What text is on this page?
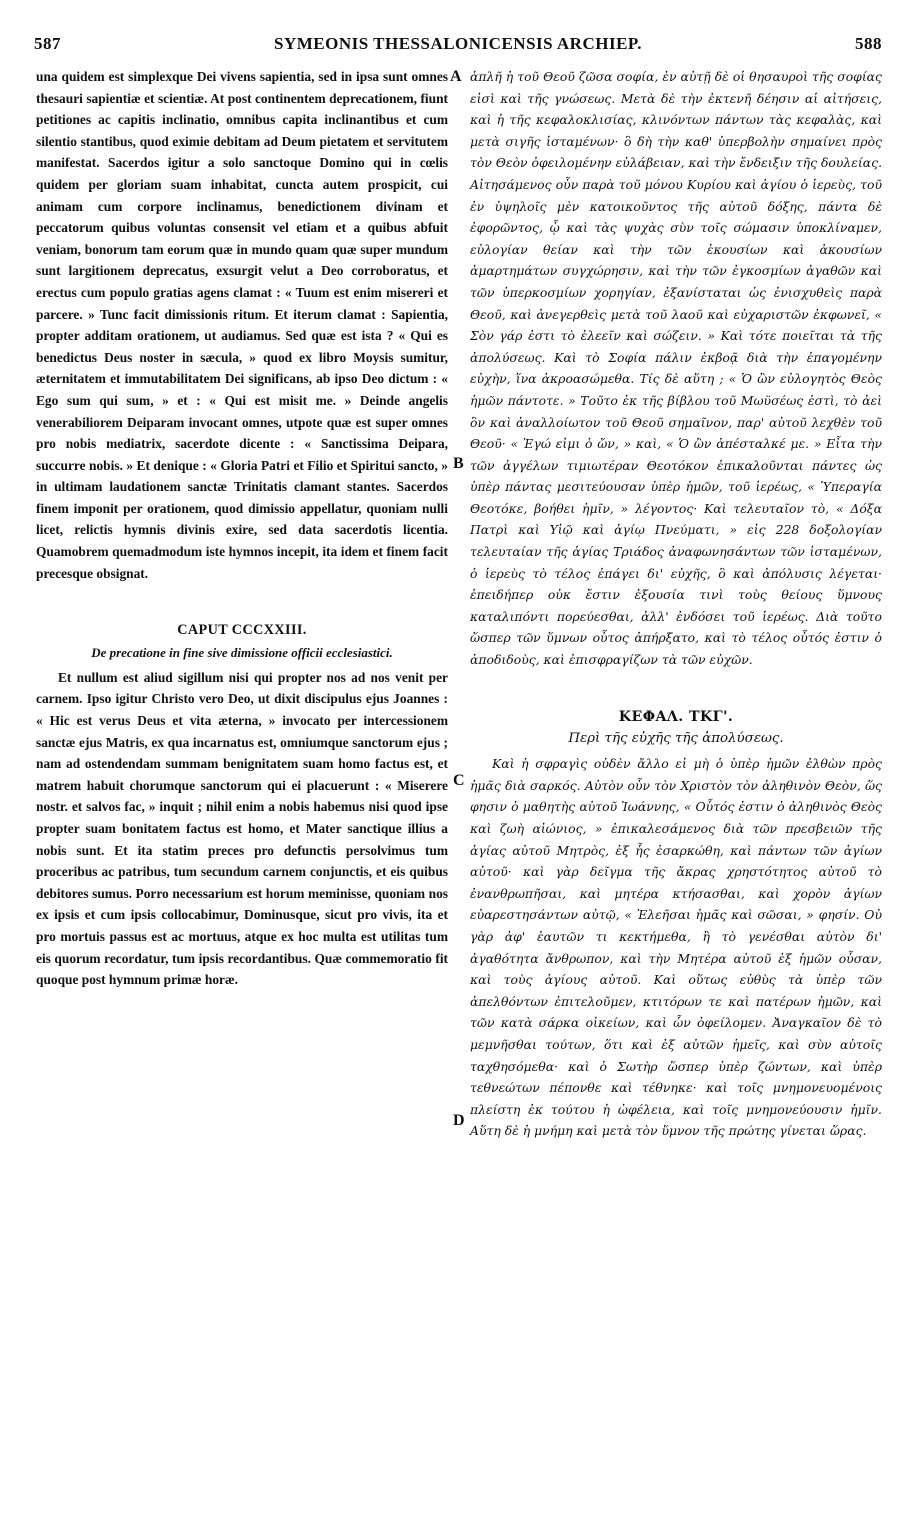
587	SYMEONIS THESSALONICENSIS ARCHIEP.	588

una quidem est simplexque Dei vivens sapientia, sed in ipsa sunt omnes thesauri sapientiæ et scientiæ. At post continentem deprecationem, fiunt petitiones ac capitis inclinatio, omnibus capita inclinantibus et cum silentio stantibus, quod eximie debitam ad Deum pietatem et servitutem manifestat. Sacerdos igitur a solo sanctoque Domino qui in cœlis quidem per gloriam suam inhabitat, cuncta autem prospicit, cui animam cum corpore inclinamus, benedictionem divinam et peccatorum quibus voluntas consensit vel etiam et a quibus abfuit veniam, bonorum tam eorum quæ in mundo quam quæ super mundum sunt largitionem deprecatus, exsurgit velut a Deo corroboratus, et erectus cum populo gratias agens clamat : « Tuum est enim misereri et parcere. » Tunc facit dimissionis ritum. Et iterum clamat : Sapientia, propter additam orationem, ut audiamus. Sed quæ est ista ? « Qui es benedictus Deus noster in sæcula, » quod ex libro Moysis sumitur, æternitatem et immutabilitatem Dei significans, ab ipso Deo dictum : « Ego sum qui sum, » et : « Qui est misit me. » Deinde angelis venerabiliorem Deiparam invocant omnes, utpote quæ est super omnes pro nobis mediatrix, sacerdote dicente : « Sanctissima Deipara, succurre nobis. » Et denique : « Gloria Patri et Filio et Spiritui sancto, » in ultimam laudationem sanctæ Trinitatis clamant stantes. Sacerdos finem imponit per orationem, quod dimissio appellatur, quoniam nulli licet, relictis hymnis divinis exire, sed data sacerdotis licentia. Quamobrem quemadmodum iste hymnos incepit, ita idem et finem facit precesque obsignat.

CAPUT CCCXXIII.
De precatione in fine sive dimissione officii ecclesiastici.

Et nullum est aliud sigillum nisi qui propter nos ad nos venit per carnem. Ipso igitur Christo vero Deo, ut dixit discipulus ejus Joannes : « Hic est verus Deus et vita æterna, » invocato per intercessionem sanctæ ejus Matris, ex qua incarnatus est, omniumque sanctorum ejus ; nam ad ostendendam summam benignitatem suam homo factus est, et matrem habuit chorumque sanctorum qui ei placuerunt : « Miserere nostr. et salvos fac, » inquit ; nihil enim a nobis habemus nisi quod ipse propter suam bonitatem factus est homo, et Mater sanctique illius a nobis sunt. Et ita statim preces pro defunctis persolvimus tum proceribus ac patribus, tum secundum carnem conjunctis, et eis quibus debitores sumus. Porro necessarium est horum meminisse, quoniam nos ex ipsis et cum ipsis collocabimur, Dominusque, sicut pro vivis, ita et pro mortuis passus est ac mortuus, atque ex hoc multa est utilitas tum eis quorum recordatur, tum ipsis recordantibus. Quæ commemoratio fit quoque post hymnum primæ horæ.

ἁπλῆ ἡ τοῦ Θεοῦ ζῶσα σοφία, ἐν αὐτῇ δὲ οἱ θησαυροὶ τῆς σοφίας εἰσὶ καὶ τῆς γνώσεως. Μετὰ δὲ τὴν ἐκτενῆ δέησιν αἱ αἰτήσεις, καὶ ἡ τῆς κεφαλοκλισίας, κλινόντων πάντων τὰς κεφαλὰς, καὶ μετὰ σιγῆς ἱσταμένων· ὃ δὴ τὴν καθ' ὑπερβολὴν σημαίνει πρὸς τὸν Θεὸν ὀφειλομένην εὐλάβειαν, καὶ τὴν ἔνδειξιν τῆς δουλείας. Αἰτησάμενος οὖν παρὰ τοῦ μόνου Κυρίου καὶ ἁγίου ὁ ἱερεὺς, τοῦ ἐν ὑψηλοῖς μὲν κατοικοῦντος τῆς αὐτοῦ δόξης, πάντα δὲ ἐφορῶντος, ᾧ καὶ τὰς ψυχὰς σὺν τοῖς σώμασιν ὑποκλίναμεν, εὐλογίαν θείαν καὶ τὴν τῶν ἑκουσίων καὶ ἀκουσίων ἁμαρτημάτων συγχώρησιν, καὶ τὴν τῶν ἐγκοσμίων ἀγαθῶν καὶ τῶν ὑπερκοσμίων χορηγίαν, ἐξανίσταται ὡς ἐνισχυθεὶς παρὰ Θεοῦ, καὶ ἀνεγερθεὶς μετὰ τοῦ λαοῦ καὶ εὐχαριστῶν ἐκφωνεῖ, « Σὸν γάρ ἐστι τὸ ἐλεεῖν καὶ σώζειν. » Καὶ τότε ποιεῖται τὰ τῆς ἀπολύσεως. Καὶ τὸ Σοφία πάλιν ἐκβοᾷ διὰ τὴν ἐπαγομένην εὐχὴν, ἵνα ἀκροασώμεθα. Τίς δὲ αὕτη ; « Ὁ ὢν εὐλογητὸς Θεὸς ἡμῶν πάντοτε. » Τοῦτο ἐκ τῆς βίβλου τοῦ Μωϋσέως ἐστὶ, τὸ ἀεὶ ὂν καὶ ἀναλλοίωτον τοῦ Θεοῦ σημαῖνον, παρ' αὐτοῦ λεχθὲν τοῦ Θεοῦ· « Ἐγώ εἰμι ὁ ὤν, » καὶ, « Ὁ ὢν ἀπέσταλκέ με. » Εἶτα τὴν τῶν ἀγγέλων τιμιωτέραν Θεοτόκον ἐπικαλοῦνται πάντες ὡς ὑπὲρ πάντας μεσιτεύουσαν ὑπὲρ ἡμῶν, τοῦ ἱερέως, « Ὑπεραγία Θεοτόκε, βοήθει ἡμῖν, » λέγοντος· Καὶ τελευταῖον τὸ, « Δόξα Πατρὶ καὶ Υἱῷ καὶ ἁγίῳ Πνεύματι, » εἰς 228 δοξολογίαν τελευταίαν τῆς ἁγίας Τριάδος ἀναφωνησάντων τῶν ἱσταμένων, ὁ ἱερεὺς τὸ τέλος ἐπάγει δι' εὐχῆς, ὃ καὶ ἀπόλυσις λέγεται· ἐπειδήπερ οὐκ ἔστιν ἐξουσία τινὶ τοὺς θείους ὕμνους καταλιπόντι πορεύεσθαι, ἀλλ' ἐνδόσει τοῦ ἱερέως. Διὰ τοῦτο ὥσπερ τῶν ὕμνων οὗτος ἀπήρξατο, καὶ τὸ τέλος οὗτός ἐστιν ὁ ἀποδιδοὺς, καὶ ἐπισφραγίζων τὰ τῶν εὐχῶν.

ΚΕΦΑΛ. ΤΚΓ'.
Περὶ τῆς εὐχῆς τῆς ἀπολύσεως.

Καὶ ἡ σφραγὶς οὐδὲν ἄλλο εἰ μὴ ὁ ὑπὲρ ἡμῶν ἐλθὼν πρὸς ἡμᾶς διὰ σαρκός. Αὐτὸν οὖν τὸν Χριστὸν τὸν ἀληθινὸν Θεὸν, ὥς φησιν ὁ μαθητὴς αὐτοῦ Ἰωάννης, « Οὗτός ἐστιν ὁ ἀληθινὸς Θεὸς καὶ ζωὴ αἰώνιος, » ἐπικαλεσάμενος διὰ τῶν πρεσβειῶν τῆς ἁγίας αὐτοῦ Μητρὸς, ἐξ ἧς ἐσαρκώθη, καὶ πάντων τῶν ἁγίων αὐτοῦ· καὶ γὰρ δεῖγμα τῆς ἄκρας χρηστότητος αὐτοῦ τὸ ἐνανθρωπῆσαι, καὶ μητέρα κτήσασθαι, καὶ χορὸν ἁγίων εὐαρεστησάντων αὐτῷ, « Ἐλεῆσαι ἡμᾶς καὶ σῶσαι, » φησίν. Οὐ γὰρ ἀφ' ἑαυτῶν τι κεκτήμεθα, ἢ τὸ γενέσθαι αὐτὸν δι' ἀγαθότητα ἄνθρωπον, καὶ τὴν Μητέρα αὐτοῦ ἐξ ἡμῶν οὖσαν, καὶ τοὺς ἁγίους αὐτοῦ. Καὶ οὕτως εὐθὺς τὰ ὑπὲρ τῶν ἀπελθόντων ἐπιτελοῦμεν, κτιτόρων τε καὶ πατέρων ἡμῶν, καὶ τῶν κατὰ σάρκα οἰκείων, καὶ ὧν ὀφείλομεν. Ἀναγκαῖον δὲ τὸ μεμνῆσθαι τούτων, ὅτι καὶ ἐξ αὐτῶν ἡμεῖς, καὶ σὺν αὐτοῖς ταχθησόμεθα· καὶ ὁ Σωτὴρ ὥσπερ ὑπὲρ ζώντων, καὶ ὑπὲρ τεθνεώτων πέπονθε καὶ τέθνηκε· καὶ τοῖς μνημονευομένοις πλείστη ἐκ τούτου ἡ ὠφέλεια, καὶ τοῖς μνημονεύουσιν ἡμῖν. Αὕτη δὲ ἡ μνήμη καὶ μετὰ τὸν ὕμνον τῆς πρώτης γίνεται ὥρας.

A
B
C
D
